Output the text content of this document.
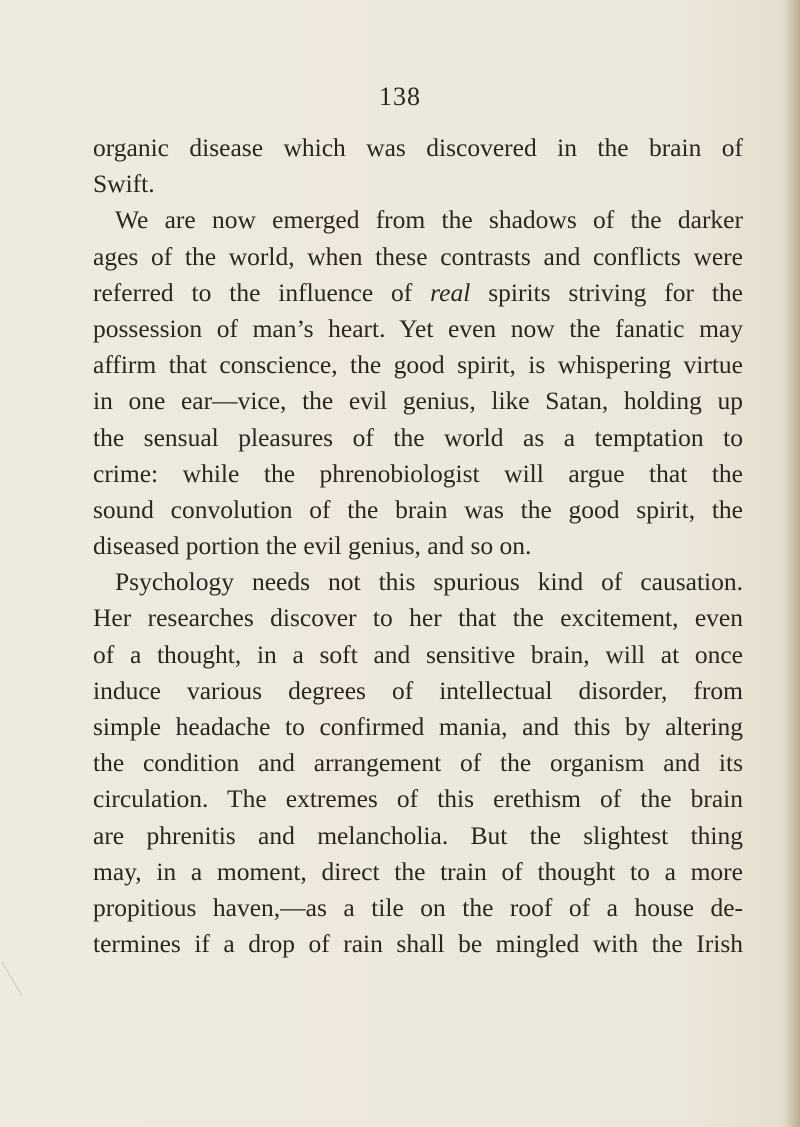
138
organic disease which was discovered in the brain of
Swift.
We are now emerged from the shadows of the darker
ages of the world, when these contrasts and conflicts were
referred to the influence of real spirits striving for the
possession of man’s heart. Yet even now the fanatic may
affirm that conscience, the good spirit, is whispering virtue
in one ear—vice, the evil genius, like Satan, holding up
the sensual pleasures of the world as a temptation to
crime: while the phrenobiologist will argue that the
sound convolution of the brain was the good spirit, the
diseased portion the evil genius, and so on.
Psychology needs not this spurious kind of causation.
Her researches discover to her that the excitement, even
of a thought, in a soft and sensitive brain, will at once
induce various degrees of intellectual disorder, from
simple headache to confirmed mania, and this by altering
the condition and arrangement of the organism and its
circulation. The extremes of this erethism of the brain
are phrenitis and melancholia. But the slightest thing
may, in a moment, direct the train of thought to a more
propitious haven,—as a tile on the roof of a house de-
termines if a drop of rain shall be mingled with the Irish
